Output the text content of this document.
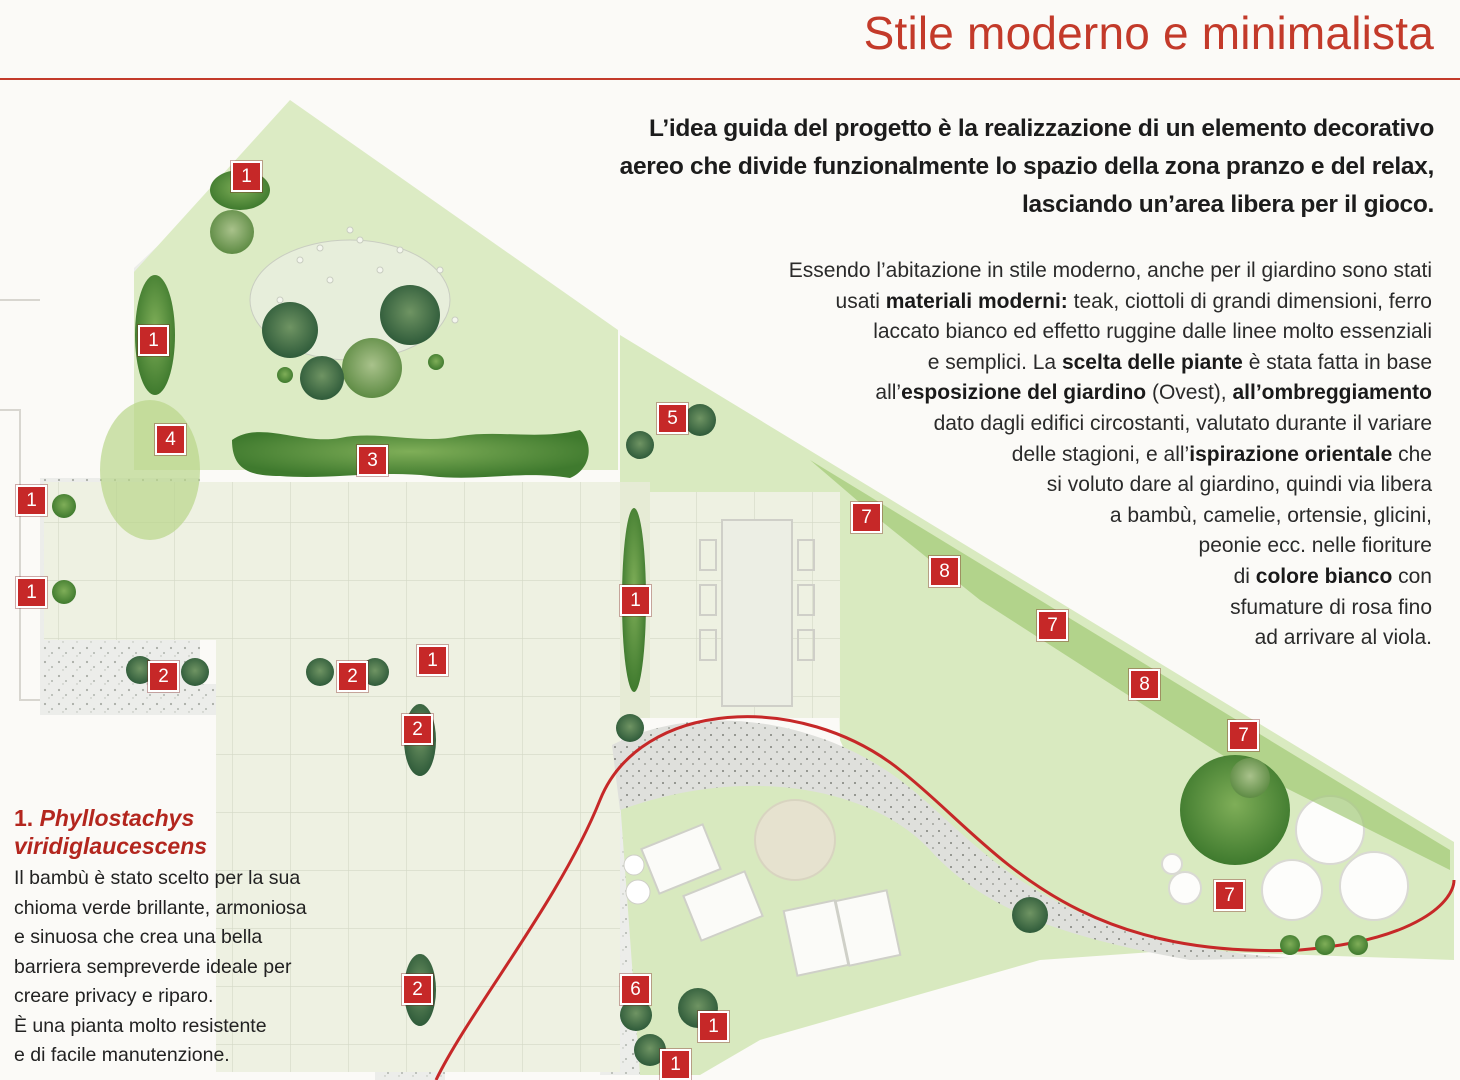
Stile moderno e minimalista

L’idea guida del progetto è la realizzazione di un elemento decorativo
aereo che divide funzionalmente lo spazio della zona pranzo e del relax,
lasciando un’area libera per il gioco.

Essendo l’abitazione in stile moderno, anche per il giardino sono stati
usati materiali moderni: teak, ciottoli di grandi dimensioni, ferro
laccato bianco ed effetto ruggine dalle linee molto essenziali
e semplici. La scelta delle piante è stata fatta in base
all’esposizione del giardino (Ovest), all’ombreggiamento
dato dagli edifici circostanti, valutato durante il variare
delle stagioni, e all’ispirazione orientale che
si voluto dare al giardino, quindi via libera
a bambù, camelie, ortensie, glicini,
peonie ecc. nelle fioriture
di colore bianco con
sfumature di rosa fino
ad arrivare al viola.

1. Phyllostachys
viridiglaucescens

Il bambù è stato scelto per la sua
chioma verde brillante, armoniosa
e sinuosa che crea una bella
barriera sempreverde ideale per
creare privacy e riparo.
È una pianta molto resistente
e di facile manutenzione.

1
1
4
3
1
1
2	2
1
2
5
1
7
8
7
8
7
7
2	6
1
1
